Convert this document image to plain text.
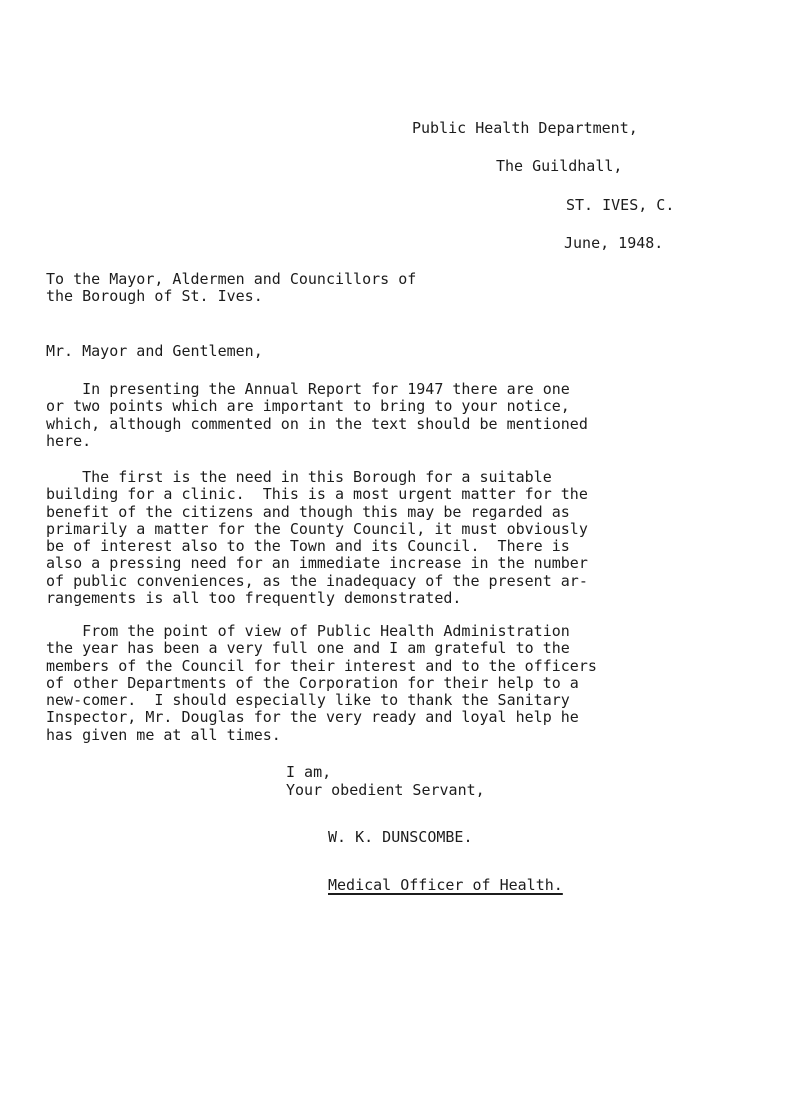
Public Health Department,
The Guildhall,
ST. IVES, C.
June, 1948.
To the Mayor, Aldermen and Councillors of
the Borough of St. Ives.
Mr. Mayor and Gentlemen,

In presenting the Annual Report for 1947 there are one
or two points which are important to bring to your notice,
which, although commented on in the text should be mentioned
here.

The first is the need in this Borough for a suitable
building for a clinic.  This is a most urgent matter for the
benefit of the citizens and though this may be regarded as
primarily a matter for the County Council, it must obviously
be of interest also to the Town and its Council.  There is
also a pressing need for an immediate increase in the number
of public conveniences, as the inadequacy of the present ar-
rangements is all too frequently demonstrated.

From the point of view of Public Health Administration
the year has been a very full one and I am grateful to the
members of the Council for their interest and to the officers
of other Departments of the Corporation for their help to a
new-comer.  I should especially like to thank the Sanitary
Inspector, Mr. Douglas for the very ready and loyal help he
has given me at all times.

I am,
Your obedient Servant,
W. K. DUNSCOMBE.
Medical Officer of Health.
